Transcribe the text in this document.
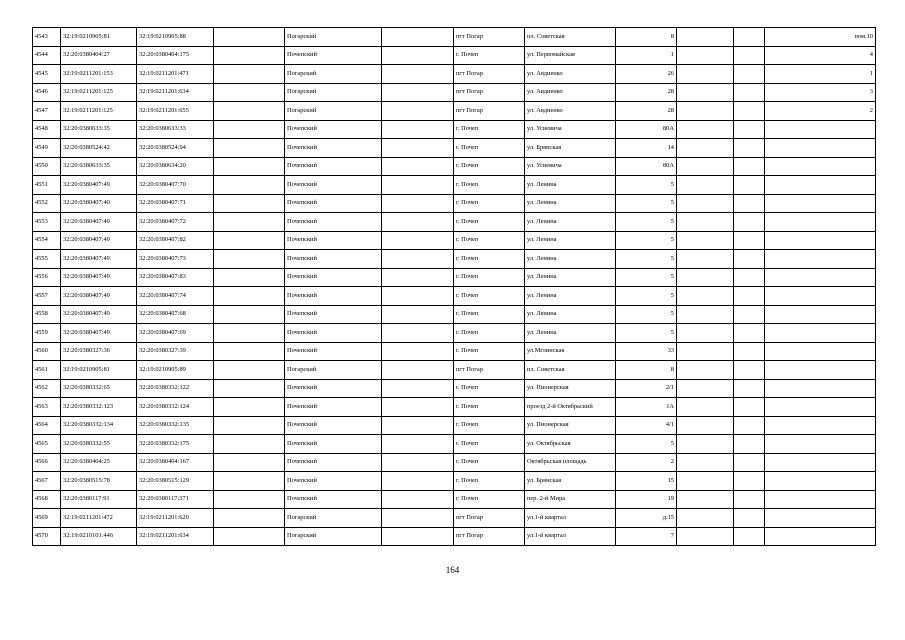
4543	32:19:0210905:81	32:19:0210905:88		Погарский		пгт Погар	пл. Советская	8			пом.10
4544	32:20:0380404:27	32:20:0380404:175		Почепский		г. Почеп	ул. Первомайская	1			4
4545	32:19:0211201:153	32:19:0211201:471		Погарский		пгт Погар	ул. Авдиенко	26			1
4546	32:19:0211201:125	32:19:0211201:634		Погарский		пгт Погар	ул. Авдиенко	28			3
4547	32:19:0211201:125	32:19:0211201:655		Погарский		пгт Погар	ул. Авдиенко	28			2
4548	32:20:0380633:35	32:20:0380633:33		Почепский		г. Почеп	ул. Усиевича	80А			
4549	32:20:0380524:42	32:20:0380524:94		Почепский		г. Почеп	ул. Брянская	14			
4550	32:20:0380633:35	32:20:0380634:20		Почепский		г. Почеп	ул. Усиевича	80А			
4551	32:20:0380407:49	32:20:0380407:70		Почепский		г. Почеп	ул. Ленина	5			
4552	32:20:0380407:40	32:20:0380407:71		Почепский		г. Почеп	ул. Ленина	5			
4553	32:20:0380407:49	32:20:0380407:72		Почепский		г. Почеп	ул. Ленина	5			
4554	32:20:0380407:49	32:20:0380407:82		Почепский		г. Почеп	ул. Ленина	5			
4555	32:20:0380407:49	32:20:0380407:73		Почепский		г. Почеп	ул. Ленина	5			
4556	32:20:0380407:49	32:20:0380407:83		Почепский		г. Почеп	ул. Ленина	5			
4557	32:20:0380407:49	32:20:0380407:74		Почепский		г. Почеп	ул. Ленина	5			
4558	32:20:0380407:49	32:20:0380407:68		Почепский		г. Почеп	ул. Ленина	5			
4559	32:20:0380407:49	32:20:0380407:69		Почепский		г. Почеп	ул. Ленина	5			
4560	32:20:0380327:36	32:20:0380327:39		Почепский		г. Почеп	ул.Мглинская	33			
4561	32:19:0210905:81	32:19:0210905:89		Погарский		пгт Погар	пл. Советская	8			
4562	32:20:0380332:65	32:20:0380332:122		Почепский		г. Почеп	ул. Пионерская	2/1			
4563	32:20:0380332:123	32:20:0380332:124		Почепский		г. Почеп	проезд 2-й Октябрьский	1А			
4564	32:20:0380332:134	32:20:0380332:135		Почепский		г. Почеп	ул. Пионерская	4/1			
4565	32:20:0380332:55	32:20:0380332:175		Почепский		г. Почеп	ул. Октябрьская	5			
4566	32:20:0380404:25	32:20:0380404:167		Почепский		г. Почеп	Октябрьская площадь	2			
4567	32:20:0380515:78	32:20:0380515:129		Почепский		г. Почеп	ул. Брянская	15			
4568	32:20:0380117:91	32:20:0380117:371		Почепский		г. Почеп	пер. 2-й Мира	19			
4569	32:19:0211201:472	32:19:0211201:620		Погарский		пгт Погар	ул.1-й квартал	д.15			
4570	32:19:0210101:446	32:19:0211201:634		Погарский		пгт Погар	ул.1-й квартал	7			
164
